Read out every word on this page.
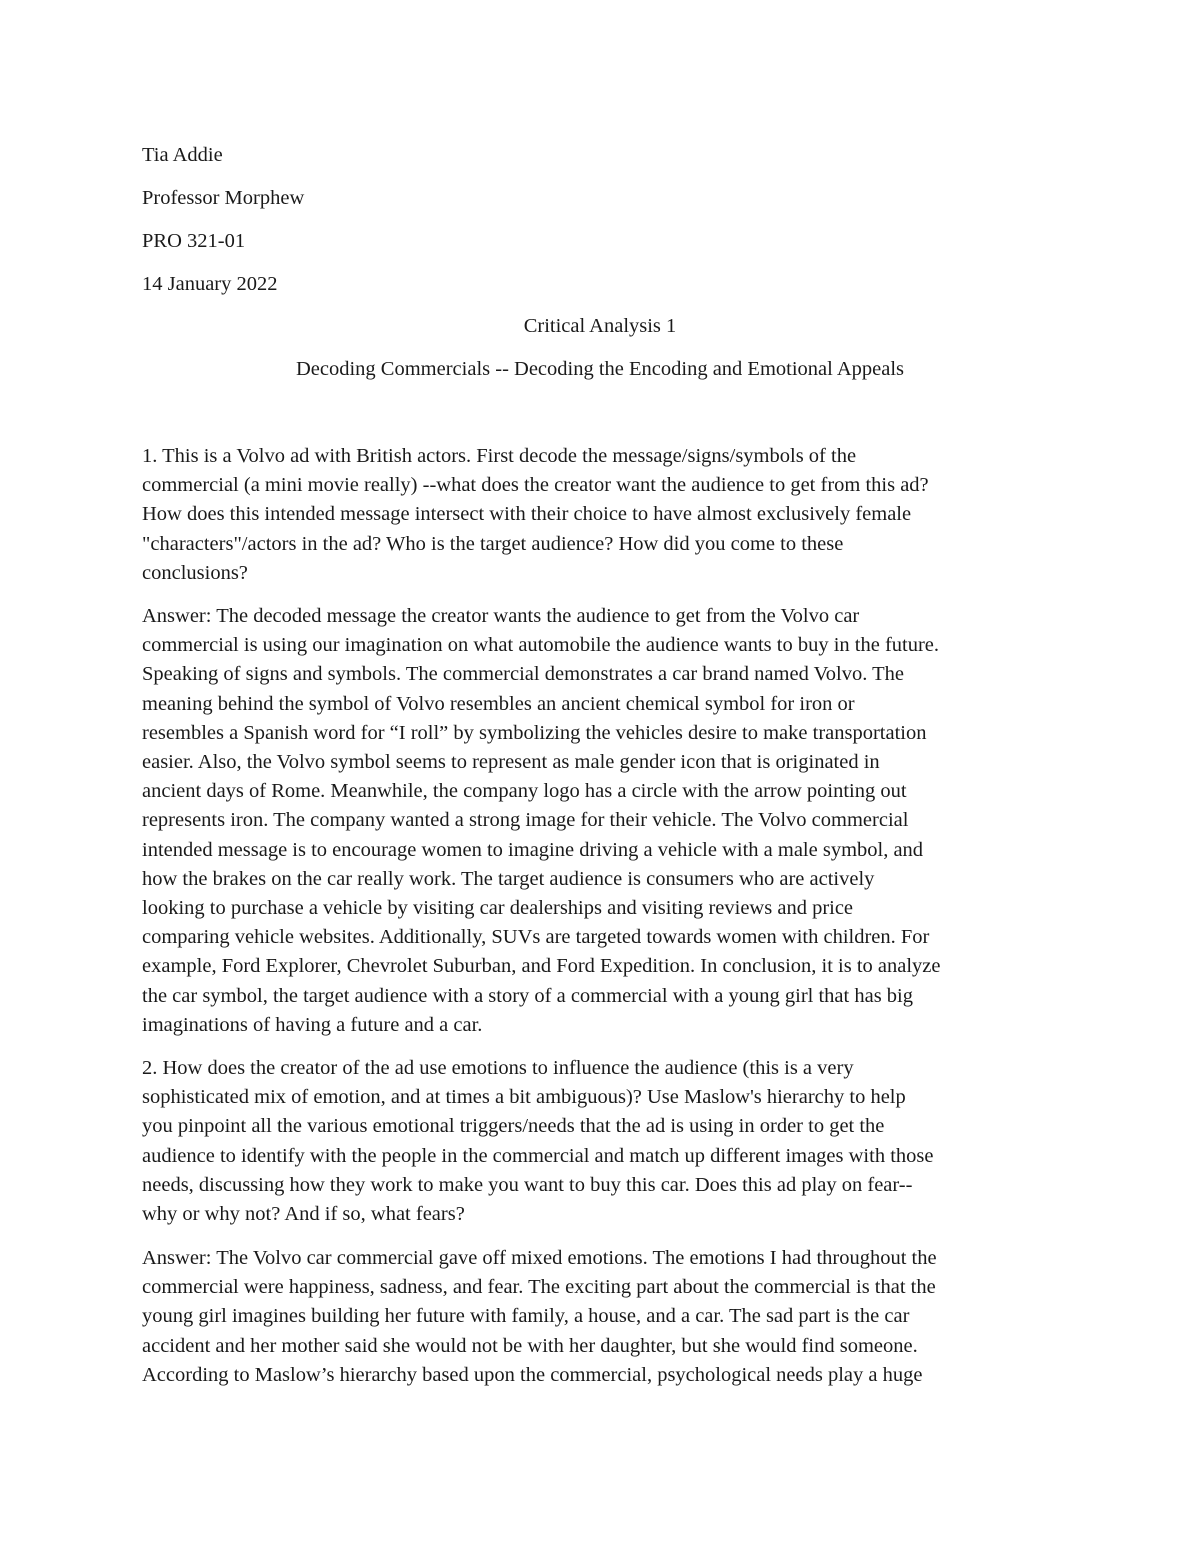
Tia Addie
Professor Morphew
PRO 321-01
14 January 2022
Critical Analysis 1
Decoding Commercials -- Decoding the Encoding and Emotional Appeals

1. This is a Volvo ad with British actors. First decode the message/signs/symbols of the
commercial (a mini movie really) --what does the creator want the audience to get from this ad?
How does this intended message intersect with their choice to have almost exclusively female
"characters"/actors in the ad? Who is the target audience? How did you come to these
conclusions?

Answer: The decoded message the creator wants the audience to get from the Volvo car
commercial is using our imagination on what automobile the audience wants to buy in the future.
Speaking of signs and symbols. The commercial demonstrates a car brand named Volvo. The
meaning behind the symbol of Volvo resembles an ancient chemical symbol for iron or
resembles a Spanish word for “I roll” by symbolizing the vehicles desire to make transportation
easier. Also, the Volvo symbol seems to represent as male gender icon that is originated in
ancient days of Rome. Meanwhile, the company logo has a circle with the arrow pointing out
represents iron. The company wanted a strong image for their vehicle. The Volvo commercial
intended message is to encourage women to imagine driving a vehicle with a male symbol, and
how the brakes on the car really work. The target audience is consumers who are actively
looking to purchase a vehicle by visiting car dealerships and visiting reviews and price
comparing vehicle websites. Additionally, SUVs are targeted towards women with children. For
example, Ford Explorer, Chevrolet Suburban, and Ford Expedition. In conclusion, it is to analyze
the car symbol, the target audience with a story of a commercial with a young girl that has big
imaginations of having a future and a car.

2. How does the creator of the ad use emotions to influence the audience (this is a very
sophisticated mix of emotion, and at times a bit ambiguous)? Use Maslow's hierarchy to help
you pinpoint all the various emotional triggers/needs that the ad is using in order to get the
audience to identify with the people in the commercial and match up different images with those
needs, discussing how they work to make you want to buy this car. Does this ad play on fear--
why or why not? And if so, what fears?

Answer: The Volvo car commercial gave off mixed emotions. The emotions I had throughout the
commercial were happiness, sadness, and fear. The exciting part about the commercial is that the
young girl imagines building her future with family, a house, and a car. The sad part is the car
accident and her mother said she would not be with her daughter, but she would find someone.
According to Maslow’s hierarchy based upon the commercial, psychological needs play a huge
